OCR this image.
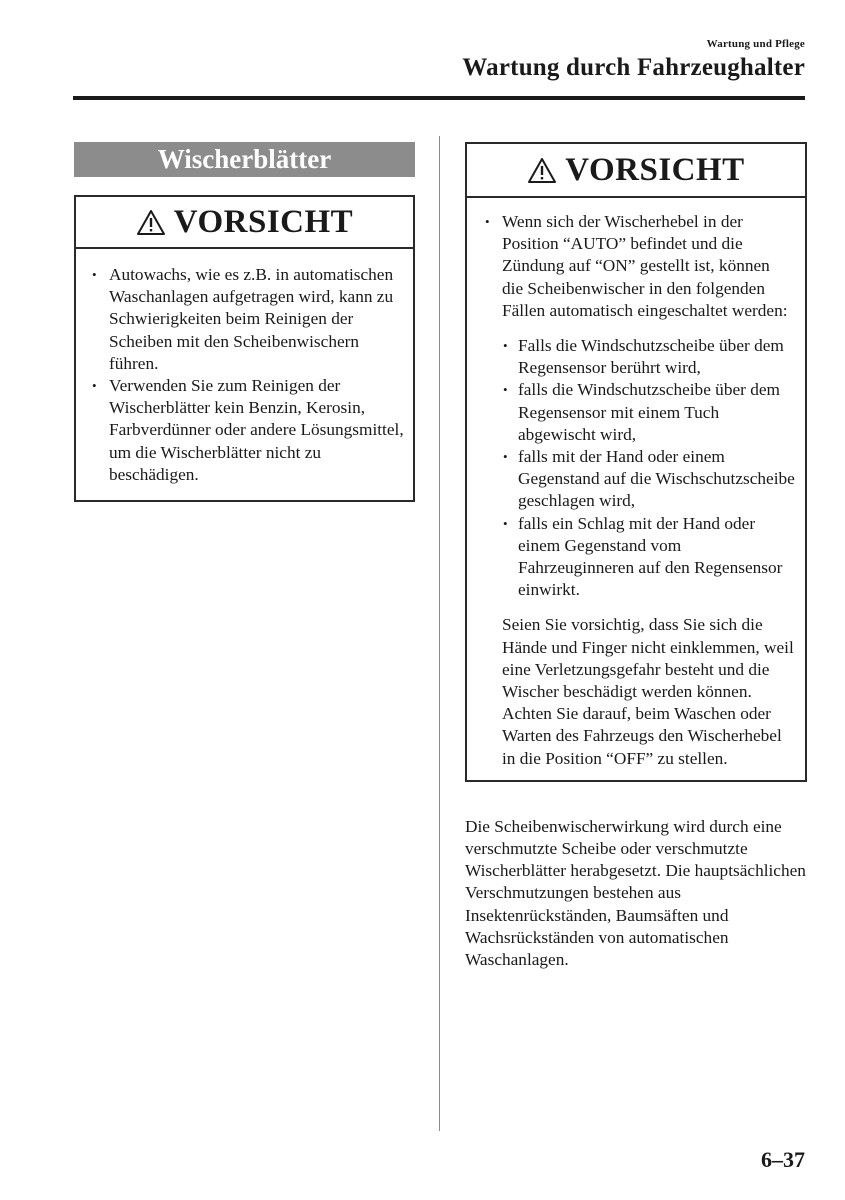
Wartung und Pflege
Wartung durch Fahrzeughalter
Wischerblätter
VORSICHT
• Autowachs, wie es z.B. in automatischen Waschanlagen aufgetragen wird, kann zu Schwierigkeiten beim Reinigen der Scheiben mit den Scheibenwischern führen.
• Verwenden Sie zum Reinigen der Wischerblätter kein Benzin, Kerosin, Farbverdünner oder andere Lösungsmittel, um die Wischerblätter nicht zu beschädigen.
VORSICHT
• Wenn sich der Wischerhebel in der Position “AUTO” befindet und die Zündung auf “ON” gestellt ist, können die Scheibenwischer in den folgenden Fällen automatisch eingeschaltet werden:
• Falls die Windschutzscheibe über dem Regensensor berührt wird,
• falls die Windschutzscheibe über dem Regensensor mit einem Tuch abgewischt wird,
• falls mit der Hand oder einem Gegenstand auf die Wischschutzscheibe geschlagen wird,
• falls ein Schlag mit der Hand oder einem Gegenstand vom Fahrzeuginneren auf den Regensensor einwirkt.
Seien Sie vorsichtig, dass Sie sich die Hände und Finger nicht einklemmen, weil eine Verletzungsgefahr besteht und die Wischer beschädigt werden können. Achten Sie darauf, beim Waschen oder Warten des Fahrzeugs den Wischerhebel in die Position “OFF” zu stellen.
Die Scheibenwischerwirkung wird durch eine verschmutzte Scheibe oder verschmutzte Wischerblätter herabgesetzt. Die hauptsächlichen Verschmutzungen bestehen aus Insektenrückständen, Baumsäften und Wachsrückständen von automatischen Waschanlagen.
6–37
